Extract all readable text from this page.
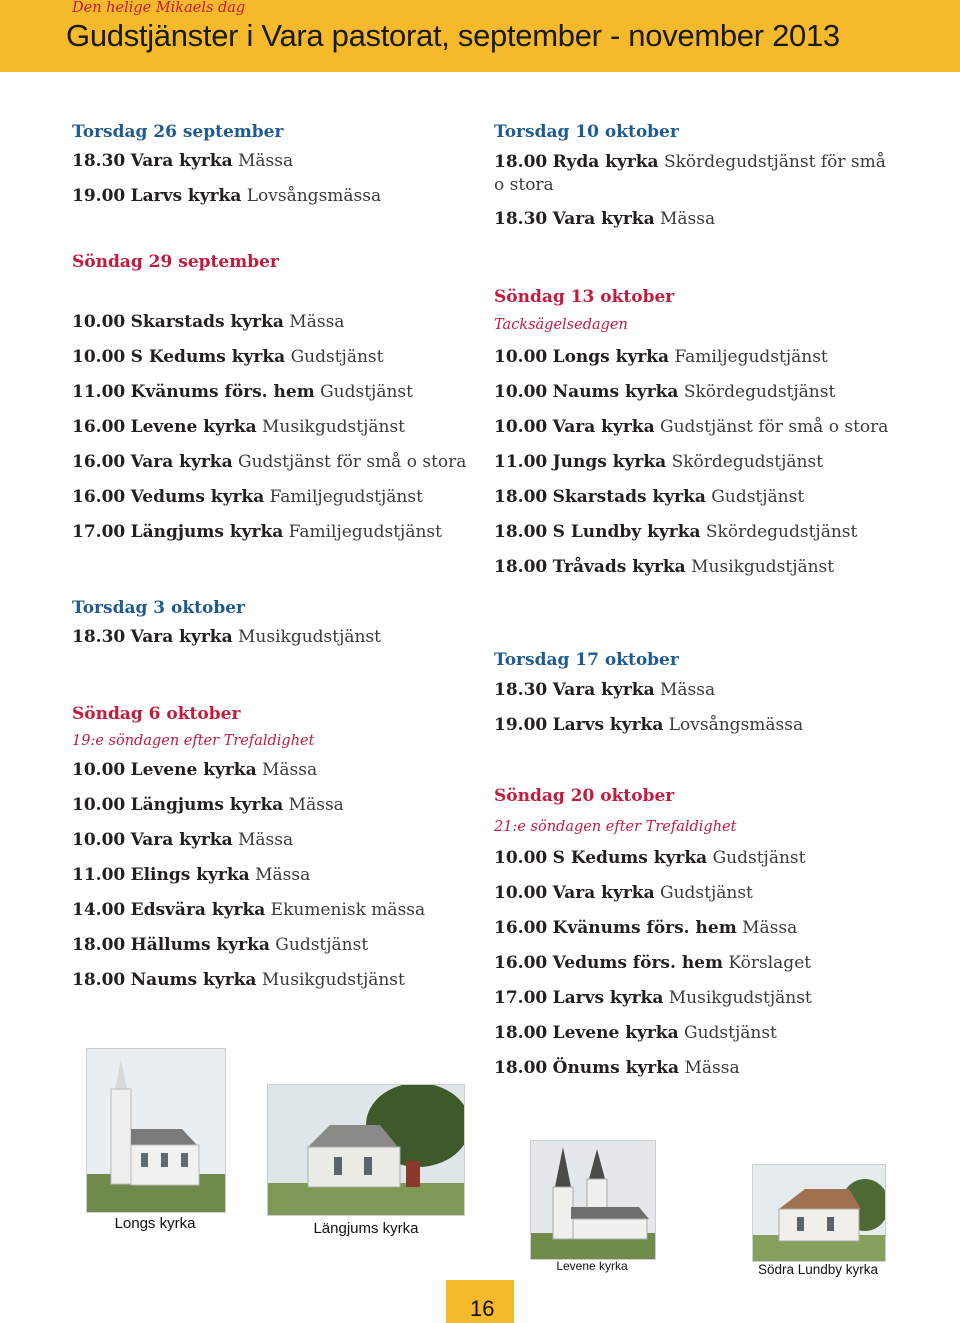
Gudstjänster i Vara pastorat, september - november 2013
Torsdag 26 september
18.30 Vara kyrka Mässa
19.00 Larvs kyrka Lovsångsmässa
Söndag 29 september
Den helige Mikaels dag
10.00 Skarstads kyrka Mässa
10.00 S Kedums kyrka Gudstjänst
11.00 Kvänums förs. hem Gudstjänst
16.00 Levene kyrka Musikgudstjänst
16.00 Vara kyrka Gudstjänst för små o stora
16.00 Vedums kyrka Familjegudstjänst
17.00 Längjums kyrka Familjegudstjänst
Torsdag 3 oktober
18.30 Vara kyrka Musikgudstjänst
Söndag 6 oktober
19:e söndagen efter Trefaldighet
10.00 Levene kyrka Mässa
10.00 Längjums kyrka Mässa
10.00 Vara kyrka Mässa
11.00 Elings kyrka Mässa
14.00 Edsvära kyrka Ekumenisk mässa
18.00 Hällums kyrka Gudstjänst
18.00 Naums kyrka Musikgudstjänst
Torsdag 10 oktober
18.00 Ryda kyrka Skördegudstjänst för små o stora
18.30 Vara kyrka Mässa
Söndag 13 oktober
Tacksägelsedagen
10.00 Longs kyrka Familjegudstjänst
10.00 Naums kyrka Skördegudstjänst
10.00 Vara kyrka Gudstjänst för små o stora
11.00 Jungs kyrka Skördegudstjänst
18.00 Skarstads kyrka Gudstjänst
18.00 S Lundby kyrka Skördegudstjänst
18.00 Tråvads kyrka Musikgudstjänst
Torsdag 17 oktober
18.30 Vara kyrka Mässa
19.00 Larvs kyrka Lovsångsmässa
Söndag 20 oktober
21:e söndagen efter Trefaldighet
10.00 S Kedums kyrka Gudstjänst
10.00 Vara kyrka Gudstjänst
16.00 Kvänums förs. hem Mässa
16.00 Vedums förs. hem Körslaget
17.00 Larvs kyrka Musikgudstjänst
18.00 Levene kyrka Gudstjänst
18.00 Önums kyrka Mässa
Longs kyrka	Längjums kyrka
Levene kyrka	Södra Lundby kyrka
16
